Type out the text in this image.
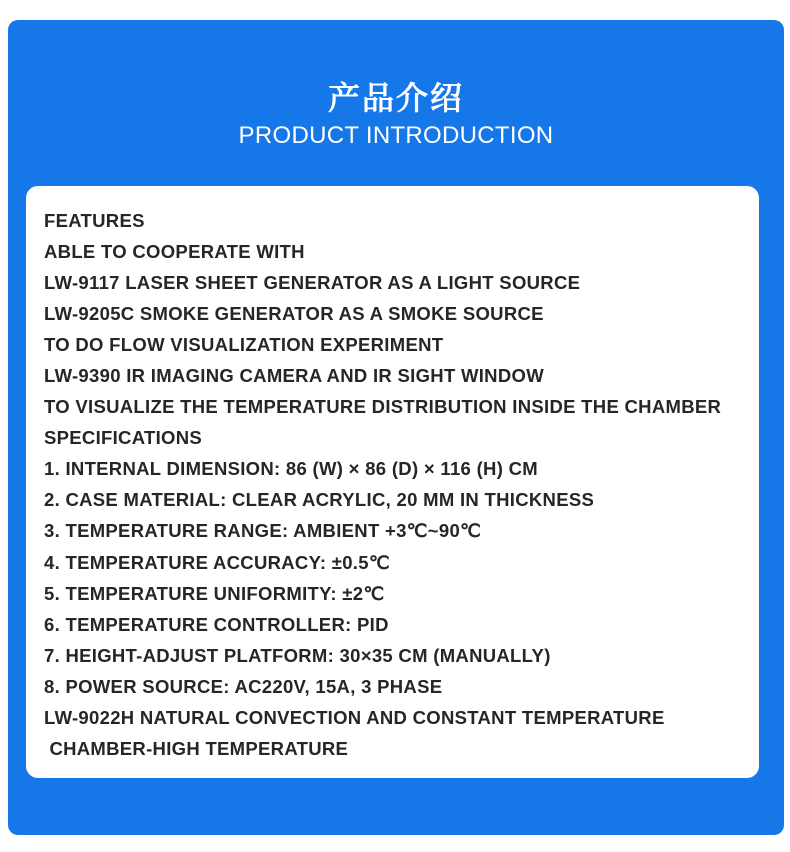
产品介绍
PRODUCT INTRODUCTION
FEATURES
ABLE TO COOPERATE WITH
LW-9117 LASER SHEET GENERATOR AS A LIGHT SOURCE
LW-9205C SMOKE GENERATOR AS A SMOKE SOURCE
TO DO FLOW VISUALIZATION EXPERIMENT
LW-9390 IR IMAGING CAMERA AND IR SIGHT WINDOW
TO VISUALIZE THE TEMPERATURE DISTRIBUTION INSIDE THE CHAMBER
SPECIFICATIONS
1. INTERNAL DIMENSION: 86 (W) × 86 (D) × 116 (H) CM
2. CASE MATERIAL: CLEAR ACRYLIC, 20 MM IN THICKNESS
3. TEMPERATURE RANGE: AMBIENT +3℃~90℃
4. TEMPERATURE ACCURACY: ±0.5℃
5. TEMPERATURE UNIFORMITY: ±2℃
6. TEMPERATURE CONTROLLER: PID
7. HEIGHT-ADJUST PLATFORM: 30×35 CM (MANUALLY)
8. POWER SOURCE: AC220V, 15A, 3 PHASE
LW-9022H NATURAL CONVECTION AND CONSTANT TEMPERATURE
CHAMBER-HIGH TEMPERATURE
